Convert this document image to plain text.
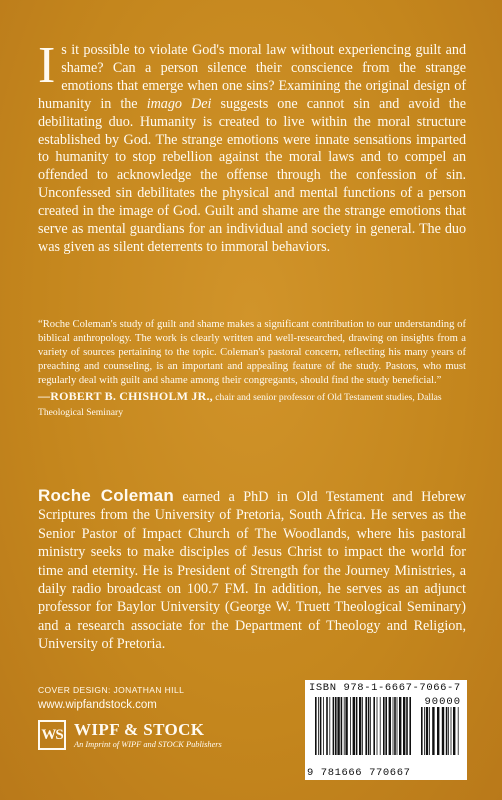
Is it possible to violate God's moral law without experiencing guilt and shame? Can a person silence their conscience from the strange emotions that emerge when one sins? Examining the original design of humanity in the imago Dei suggests one cannot sin and avoid the debilitating duo. Humanity is created to live within the moral structure established by God. The strange emotions were innate sensations imparted to humanity to stop rebellion against the moral laws and to compel an offended to acknowledge the offense through the confession of sin. Unconfessed sin debilitates the physical and mental functions of a person created in the image of God. Guilt and shame are the strange emotions that serve as mental guardians for an individual and society in general. The duo was given as silent deterrents to immoral behaviors.
“Roche Coleman's study of guilt and shame makes a significant contribution to our understanding of biblical anthropology. The work is clearly written and well-researched, drawing on insights from a variety of sources pertaining to the topic. Coleman's pastoral concern, reflecting his many years of preaching and counseling, is an important and appealing feature of the study. Pastors, who must regularly deal with guilt and shame among their congregants, should find the study beneficial.”
—ROBERT B. CHISHOLM JR., chair and senior professor of Old Testament studies, Dallas Theological Seminary
Roche Coleman earned a PhD in Old Testament and Hebrew Scriptures from the University of Pretoria, South Africa. He serves as the Senior Pastor of Impact Church of The Woodlands, where his pastoral ministry seeks to make disciples of Jesus Christ to impact the world for time and eternity. He is President of Strength for the Journey Ministries, a daily radio broadcast on 100.7 FM. In addition, he serves as an adjunct professor for Baylor University (George W. Truett Theological Seminary) and a research associate for the Department of Theology and Religion, University of Pretoria.
COVER DESIGN: JONATHAN HILL
www.wipfandstock.com
WS WIPF & STOCK
An Imprint of WIPF and STOCK Publishers
ISBN 978-1-6667-7066-7
90000
9 781666 770667
